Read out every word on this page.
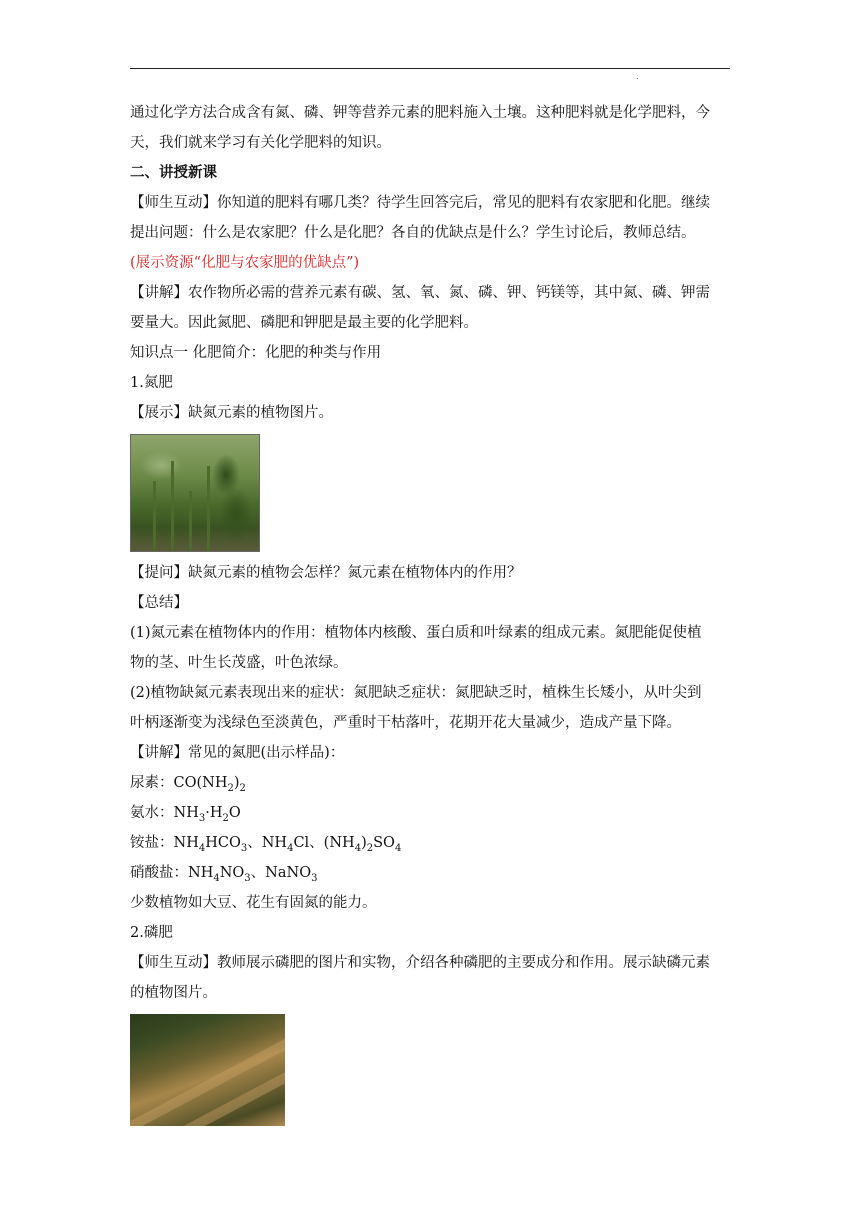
.
通过化学方法合成含有氮、磷、钾等营养元素的肥料施入土壤。这种肥料就是化学肥料，今
天，我们就来学习有关化学肥料的知识。
二、讲授新课
【师生互动】你知道的肥料有哪几类？待学生回答完后，常见的肥料有农家肥和化肥。继续
提出问题：什么是农家肥？什么是化肥？各自的优缺点是什么？学生讨论后，教师总结。
(展示资源“化肥与农家肥的优缺点”)
【讲解】农作物所必需的营养元素有碳、氢、氧、氮、磷、钾、钙镁等，其中氮、磷、钾需
要量大。因此氮肥、磷肥和钾肥是最主要的化学肥料。
知识点一 化肥简介：化肥的种类与作用
1.氮肥
【展示】缺氮元素的植物图片。
【提问】缺氮元素的植物会怎样？氮元素在植物体内的作用？
【总结】
(1)氮元素在植物体内的作用：植物体内核酸、蛋白质和叶绿素的组成元素。氮肥能促使植
物的茎、叶生长茂盛，叶色浓绿。
(2)植物缺氮元素表现出来的症状：氮肥缺乏症状：氮肥缺乏时，植株生长矮小，从叶尖到
叶柄逐渐变为浅绿色至淡黄色，严重时干枯落叶，花期开花大量减少，造成产量下降。
【讲解】常见的氮肥(出示样品)：
尿素：$CO(NH_2)_2$
氨水：$NH_3\cdot H_2O$
铵盐：$NH_4HCO_3$、$NH_4Cl$、$(NH_4)_2SO_4$
硝酸盐：$NH_4NO_3$、NaNO$_3$
少数植物如大豆、花生有固氮的能力。
2.磷肥
【师生互动】教师展示磷肥的图片和实物，介绍各种磷肥的主要成分和作用。展示缺磷元素
的植物图片。
